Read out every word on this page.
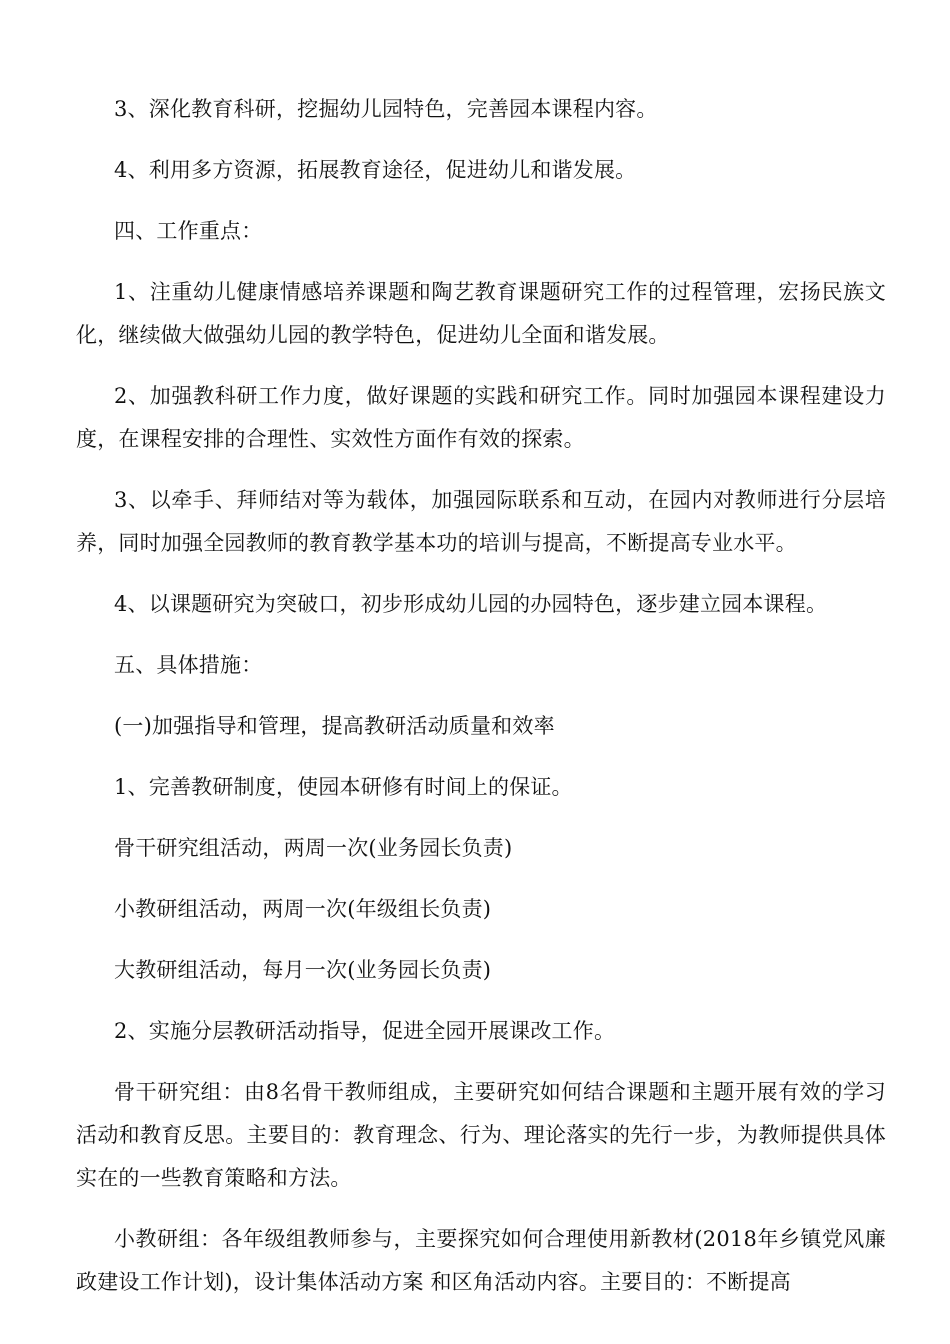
3、深化教育科研，挖掘幼儿园特色，完善园本课程内容。

4、利用多方资源，拓展教育途径，促进幼儿和谐发展。

四、工作重点：

1、注重幼儿健康情感培养课题和陶艺教育课题研究工作的过程管理，宏扬民族文化，继续做大做强幼儿园的教学特色，促进幼儿全面和谐发展。

2、加强教科研工作力度，做好课题的实践和研究工作。同时加强园本课程建设力度，在课程安排的合理性、实效性方面作有效的探索。

3、以牵手、拜师结对等为载体，加强园际联系和互动，在园内对教师进行分层培养，同时加强全园教师的教育教学基本功的培训与提高，不断提高专业水平。

4、以课题研究为突破口，初步形成幼儿园的办园特色，逐步建立园本课程。

五、具体措施：

(一)加强指导和管理，提高教研活动质量和效率

1、完善教研制度，使园本研修有时间上的保证。

骨干研究组活动，两周一次(业务园长负责)

小教研组活动，两周一次(年级组长负责)

大教研组活动，每月一次(业务园长负责)

2、实施分层教研活动指导，促进全园开展课改工作。

骨干研究组：由8名骨干教师组成，主要研究如何结合课题和主题开展有效的学习活动和教育反思。主要目的：教育理念、行为、理论落实的先行一步，为教师提供具体实在的一些教育策略和方法。

小教研组：各年级组教师参与，主要探究如何合理使用新教材(2018年乡镇党风廉政建设工作计划)，设计集体活动方案 和区角活动内容。主要目的：不断提高
